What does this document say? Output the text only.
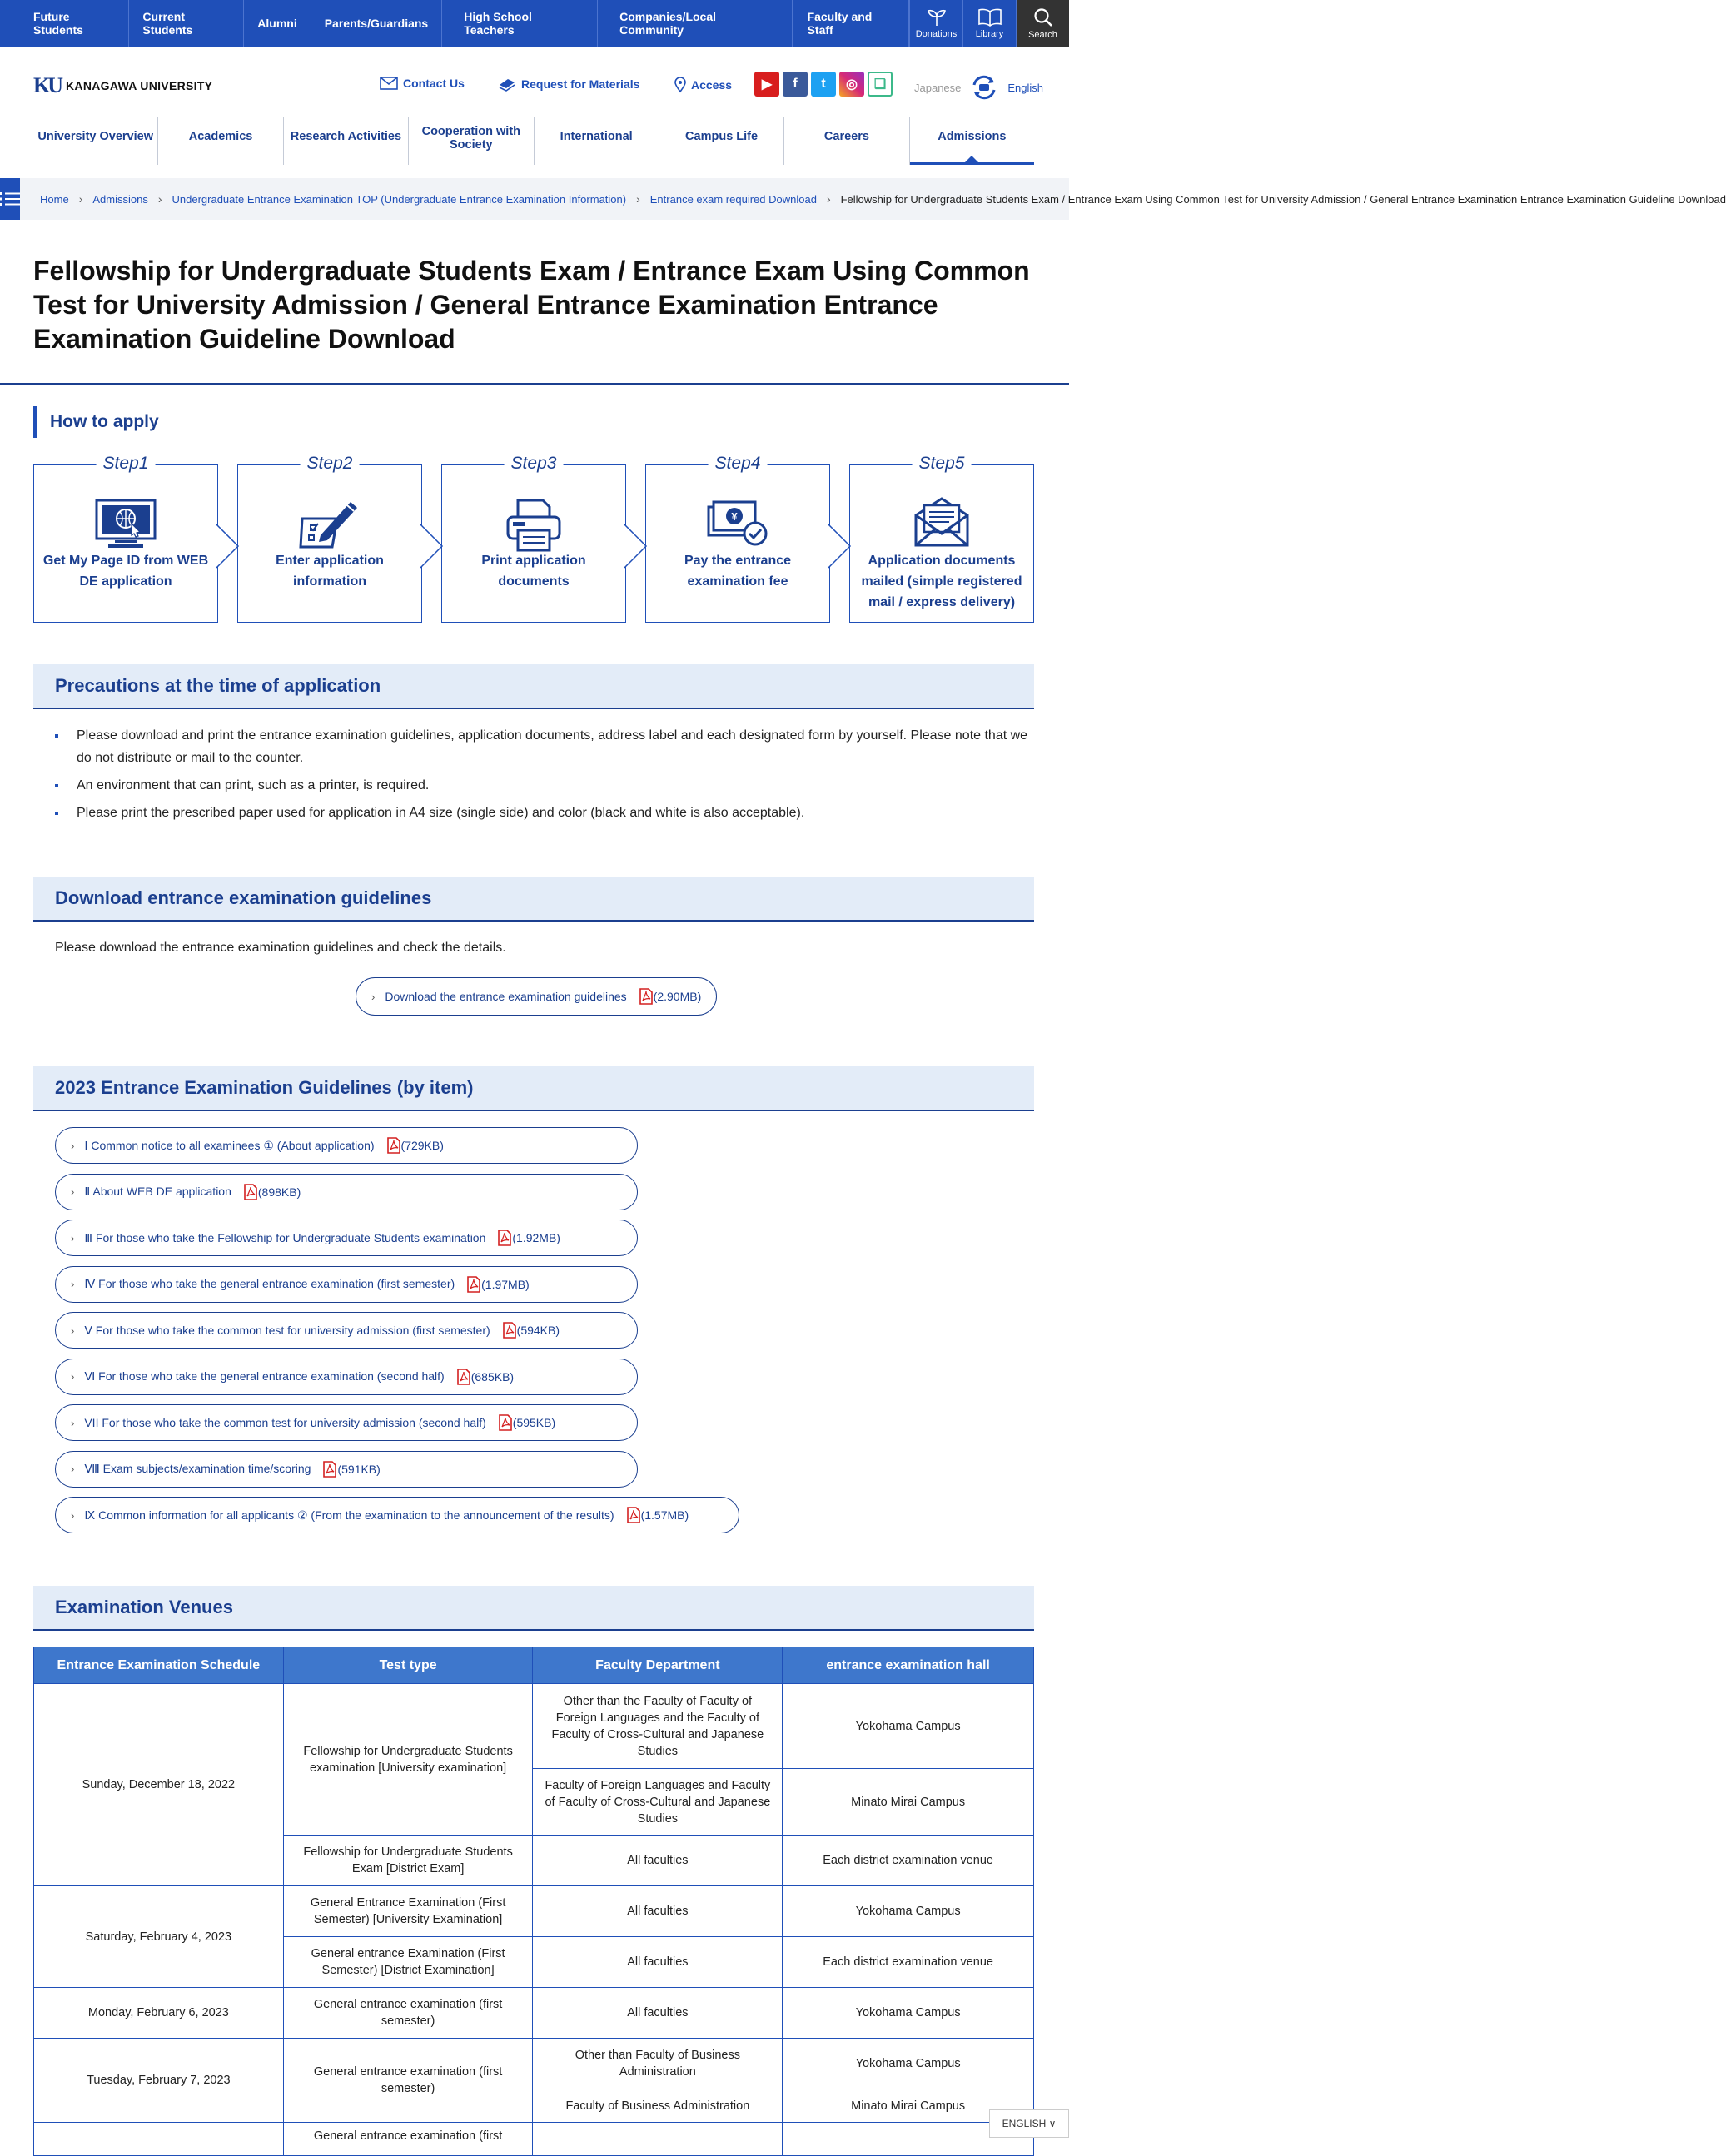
Future Students
Current Students	Alumni	Parents/Guardians	High School Teachers
Companies/Local Community
Faculty and Staff	Donations Library	Search
KU KANAGAWA UNIVERSITY	Contact Us	Request for Materials	Access	▶	f	t	◎	❑	Japanese	English
University Overview	Academics	Research Activities	Cooperation with Society
International	Campus Life	Careers	Admissions
Home › Admissions › Undergraduate Entrance Examination TOP (Undergraduate Entrance Examination Information) › Entrance exam required Download › Fellowship for Undergraduate Students Exam / Entrance Exam Using Common Test for University Admission / General Entrance Examination Entrance Examination Guideline Download
Fellowship for Undergraduate Students Exam / Entrance Exam Using Common Test for University Admission / General Entrance Examination Entrance Examination Guideline Download
How to apply
Step1
Get My Page ID from WEB DE application
Step2
Enter application information
Step3
Print application documents
Step4
¥
Pay the entrance examination fee
Step5
Application documents mailed (simple registered mail / express delivery)
Precautions at the time of application
Please download and print the entrance examination guidelines, application documents, address label and each designated form by yourself. Please note that we do not distribute or mail to the counter.
An environment that can print, such as a printer, is required.
Please print the prescribed paper used for application in A4 size (single side) and color (black and white is also acceptable).
Download entrance examination guidelines

Please download the entrance examination guidelines and check the details.

› Download the entrance examination guidelines (2.90MB)
2023 Entrance Examination Guidelines (by item)
› Ⅰ Common notice to all examinees ① (About application) (729KB)
› Ⅱ About WEB DE application (898KB)
› Ⅲ For those who take the Fellowship for Undergraduate Students examination (1.92MB)
› Ⅳ For those who take the general entrance examination (first semester) (1.97MB)
› Ⅴ For those who take the common test for university admission (first semester) (594KB)
› Ⅵ For those who take the general entrance examination (second half) (685KB)
› VII For those who take the common test for university admission (second half) (595KB)
› Ⅷ Exam subjects/examination time/scoring (591KB)
› Ⅸ Common information for all applicants ② (From the examination to the announcement of the results) (1.57MB)
Examination Venues
Entrance Examination Schedule	Test type	Faculty Department	entrance examination hall
Sunday, December 18, 2022	Fellowship for Undergraduate Students examination [University examination]	Other than the Faculty of Faculty of Foreign Languages and the Faculty of Faculty of Cross-Cultural and Japanese Studies	Yokohama Campus
		Faculty of Foreign Languages and Faculty of Faculty of Cross-Cultural and Japanese Studies	Minato Mirai Campus
	Fellowship for Undergraduate Students Exam [District Exam]	All faculties	Each district examination venue
Saturday, February 4, 2023	General Entrance Examination (First Semester) [University Examination]	All faculties	Yokohama Campus
	General entrance Examination (First Semester) [District Examination]	All faculties	Each district examination venue
Monday, February 6, 2023	General entrance examination (first semester)	All faculties	Yokohama Campus
Tuesday, February 7, 2023	General entrance examination (first semester)	Other than Faculty of Business Administration	Yokohama Campus
		Faculty of Business Administration	Minato Mirai Campus
	General entrance examination (first		
ENGLISH ∨
